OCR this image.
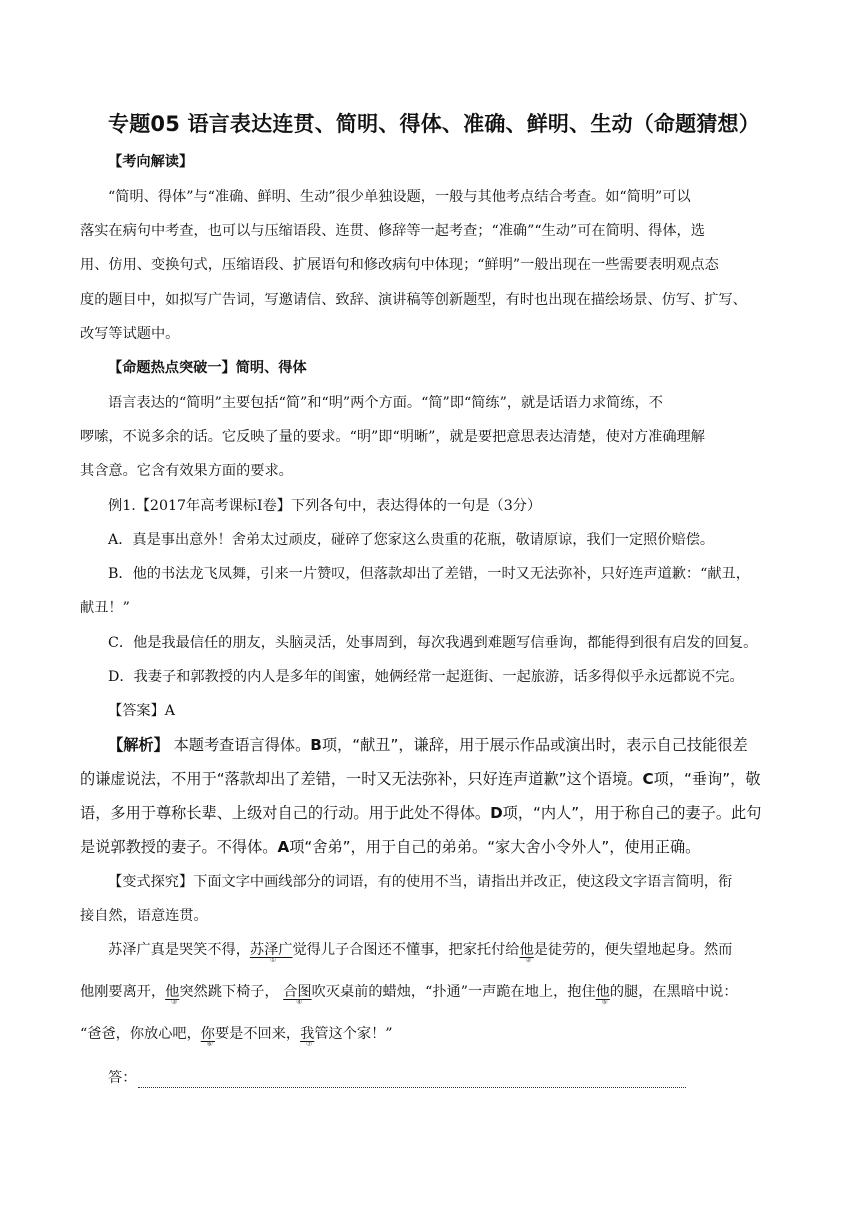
专题05 语言表达连贯、简明、得体、准确、鲜明、生动（命题猜想）
【考向解读】
“简明、得体”与“准确、鲜明、生动”很少单独设题，一般与其他考点结合考查。如“简明”可以
落实在病句中考查，也可以与压缩语段、连贯、修辞等一起考查；“准确”“生动”可在简明、得体，选
用、仿用、变换句式，压缩语段、扩展语句和修改病句中体现；“鲜明”一般出现在一些需要表明观点态
度的题目中，如拟写广告词，写邀请信、致辞、演讲稿等创新题型，有时也出现在描绘场景、仿写、扩写、
改写等试题中。
【命题热点突破一】简明、得体
语言表达的“简明”主要包括“简”和“明”两个方面。“简”即“简练”，就是话语力求简练，不
啰嗦，不说多余的话。它反映了量的要求。“明”即“明晰”，就是要把意思表达清楚，使对方准确理解
其含意。它含有效果方面的要求。
例1.【2017年高考课标Ⅰ卷】下列各句中，表达得体的一句是（3分）
A．真是事出意外！舍弟太过顽皮，碰碎了您家这么贵重的花瓶，敬请原谅，我们一定照价赔偿。
B．他的书法龙飞凤舞，引来一片赞叹，但落款却出了差错，一时又无法弥补，只好连声道歉：“献丑，
献丑！”
C．他是我最信任的朋友，头脑灵活，处事周到，每次我遇到难题写信垂询，都能得到很有启发的回复。
D．我妻子和郭教授的内人是多年的闺蜜，她俩经常一起逛街、一起旅游，话多得似乎永远都说不完。
【答案】A
【解析】 本题考查语言得体。B项，“献丑”，谦辞，用于展示作品或演出时，表示自己技能很差
的谦虚说法，不用于“落款却出了差错，一时又无法弥补，只好连声道歉”这个语境。C项，“垂询”，敬
语，多用于尊称长辈、上级对自己的行动。用于此处不得体。D项，“内人”，用于称自己的妻子。此句
是说郭教授的妻子。不得体。A项“舍弟”，用于自己的弟弟。“家大舍小令外人”，使用正确。
【变式探究】下面文字中画线部分的词语，有的使用不当，请指出并改正，使这段文字语言简明，衔
接自然，语意连贯。
苏泽广真是哭笑不得，苏泽广
①
觉得儿子合图还不懂事，把家托付给他
②
是徒劳的，便失望地起身。然而
他刚要离开，他
③
突然跳下椅子， 合图
④
吹灭桌前的蜡烛，“扑通”一声跪在地上，抱住他
⑤
的腿，在黑暗中说：
“爸爸，你放心吧，你
⑥
要是不回来，我
⑦
管这个家！”
答：
